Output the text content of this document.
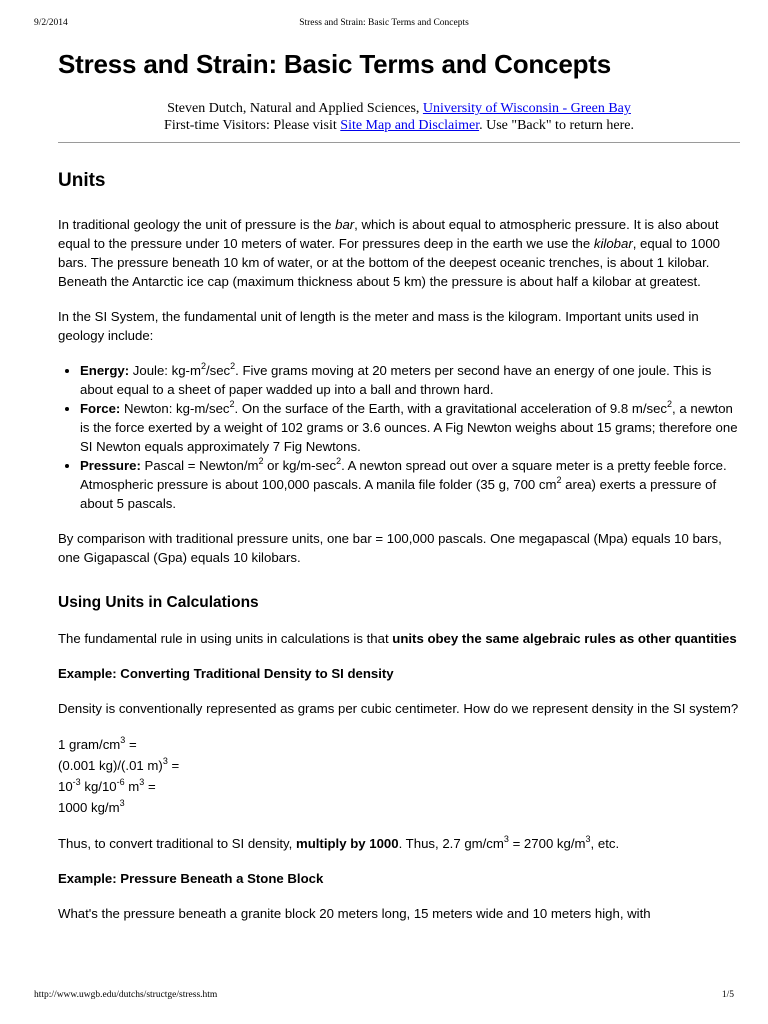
9/2/2014	Stress and Strain: Basic Terms and Concepts
Stress and Strain: Basic Terms and Concepts
Steven Dutch, Natural and Applied Sciences, University of Wisconsin - Green Bay
First-time Visitors: Please visit Site Map and Disclaimer. Use "Back" to return here.
Units

In traditional geology the unit of pressure is the bar, which is about equal to atmospheric pressure. It is also about equal to the pressure under 10 meters of water. For pressures deep in the earth we use the kilobar, equal to 1000 bars. The pressure beneath 10 km of water, or at the bottom of the deepest oceanic trenches, is about 1 kilobar. Beneath the Antarctic ice cap (maximum thickness about 5 km) the pressure is about half a kilobar at greatest.

In the SI System, the fundamental unit of length is the meter and mass is the kilogram. Important units used in geology include:

• Energy: Joule: $kg-m^2/\sec^2$. Five grams moving at 20 meters per second have an energy of one joule. This is about equal to a sheet of paper wadded up into a ball and thrown hard.
• Force: Newton: $kg-m/\sec^2$. On the surface of the Earth, with a gravitational acceleration of 9.8 $m/\sec^2$, a newton is the force exerted by a weight of 102 grams or 3.6 ounces. A Fig Newton weighs about 15 grams; therefore one SI Newton equals approximately 7 Fig Newtons.
• Pressure: Pascal = Newton/$m^2$ or $kg/m-\sec^2$. A newton spread out over a square meter is a pretty feeble force. Atmospheric pressure is about 100,000 pascals. A manila file folder (35 g, 700 $cm^2$ area) exerts a pressure of about 5 pascals.

By comparison with traditional pressure units, one bar = 100,000 pascals. One megapascal (Mpa) equals 10 bars, one Gigapascal (Gpa) equals 10 kilobars.

Using Units in Calculations

The fundamental rule in using units in calculations is that units obey the same algebraic rules as other quantities

Example: Converting Traditional Density to SI density

Density is conventionally represented as grams per cubic centimeter. How do we represent density in the SI system?

1 gram/$cm^3$ =
(0.001 kg)/(.01 m)$^3$ =
$10^{-3}$ $kg/10^{-6}$ $m^3$ =
1000 $kg/m^3$

Thus, to convert traditional to SI density, multiply by 1000. Thus, 2.7 $gm/cm^3 = 2700$ $kg/m^3$, etc.

Example: Pressure Beneath a Stone Block

What's the pressure beneath a granite block 20 meters long, 15 meters wide and 10 meters high, with

http://www.uwgb.edu/dutchs/structge/stress.htm	1/5
